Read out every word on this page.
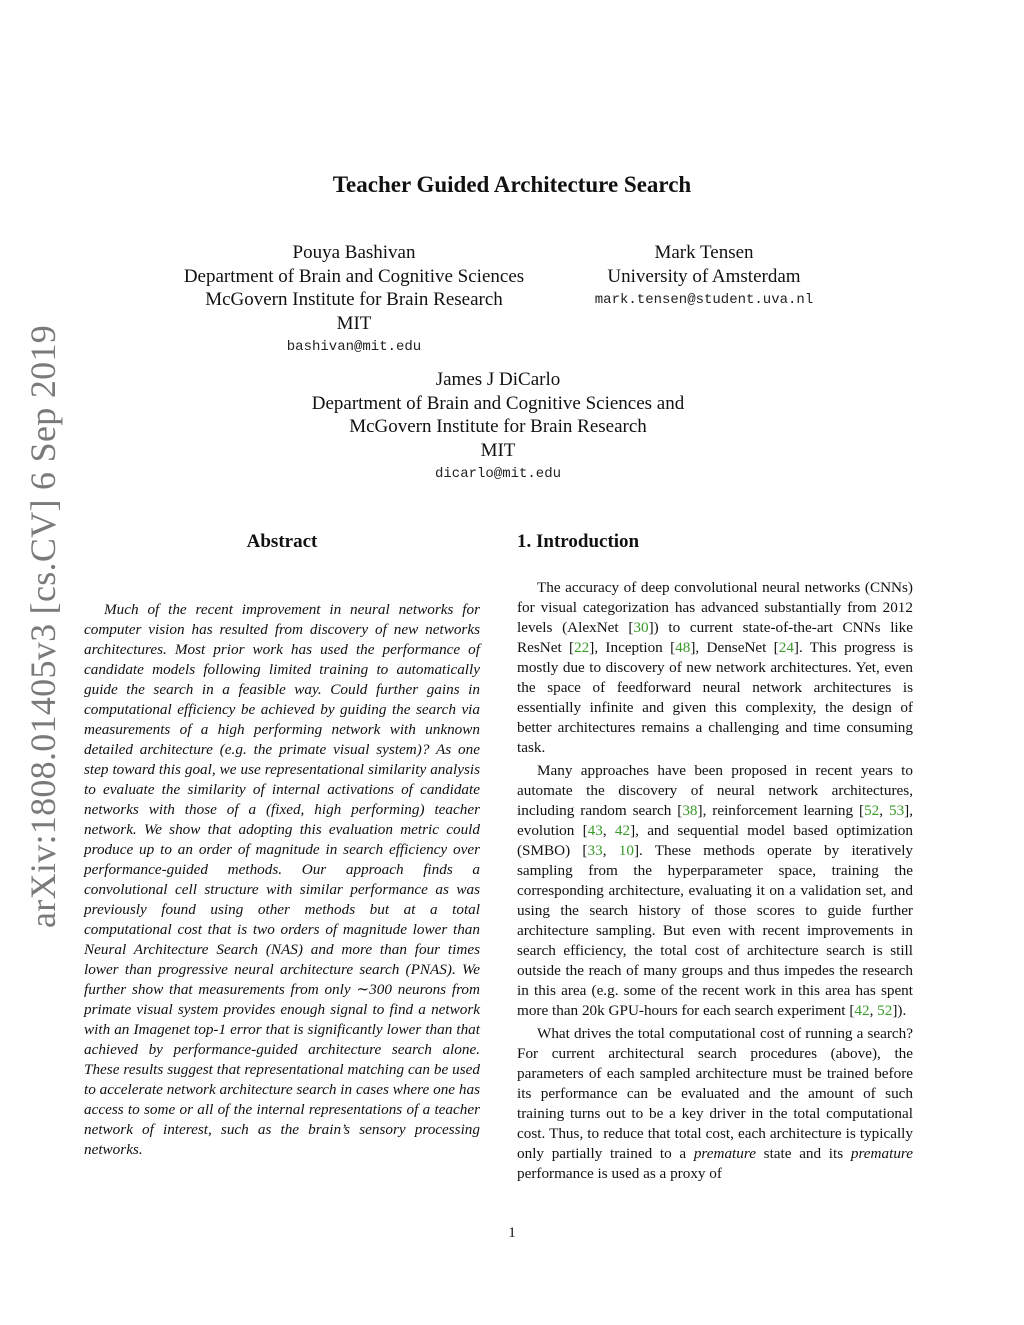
arXiv:1808.01405v3 [cs.CV] 6 Sep 2019
Teacher Guided Architecture Search
Pouya Bashivan
Department of Brain and Cognitive Sciences
McGovern Institute for Brain Research
MIT
bashivan@mit.edu
Mark Tensen
University of Amsterdam
mark.tensen@student.uva.nl
James J DiCarlo
Department of Brain and Cognitive Sciences and
McGovern Institute for Brain Research
MIT
dicarlo@mit.edu
Abstract

Much of the recent improvement in neural networks for computer vision has resulted from discovery of new networks architectures. Most prior work has used the performance of candidate models following limited training to automatically guide the search in a feasible way. Could further gains in computational efficiency be achieved by guiding the search via measurements of a high performing network with unknown detailed architecture (e.g. the primate visual system)? As one step toward this goal, we use representational similarity analysis to evaluate the similarity of internal activations of candidate networks with those of a (fixed, high performing) teacher network. We show that adopting this evaluation metric could produce up to an order of magnitude in search efficiency over performance-guided methods. Our approach finds a convolutional cell structure with similar performance as was previously found using other methods but at a total computational cost that is two orders of magnitude lower than Neural Architecture Search (NAS) and more than four times lower than progressive neural architecture search (PNAS). We further show that measurements from only ∼300 neurons from primate visual system provides enough signal to find a network with an Imagenet top-1 error that is significantly lower than that achieved by performance-guided architecture search alone. These results suggest that representational matching can be used to accelerate network architecture search in cases where one has access to some or all of the internal representations of a teacher network of interest, such as the brain’s sensory processing networks.

1. Introduction

The accuracy of deep convolutional neural networks (CNNs) for visual categorization has advanced substantially from 2012 levels (AlexNet [30]) to current state-of-the-art CNNs like ResNet [22], Inception [48], DenseNet [24]. This progress is mostly due to discovery of new network architectures. Yet, even the space of feedforward neural network architectures is essentially infinite and given this complexity, the design of better architectures remains a challenging and time consuming task.

Many approaches have been proposed in recent years to automate the discovery of neural network architectures, including random search [38], reinforcement learning [52, 53], evolution [43, 42], and sequential model based optimization (SMBO) [33, 10]. These methods operate by iteratively sampling from the hyperparameter space, training the corresponding architecture, evaluating it on a validation set, and using the search history of those scores to guide further architecture sampling. But even with recent improvements in search efficiency, the total cost of architecture search is still outside the reach of many groups and thus impedes the research in this area (e.g. some of the recent work in this area has spent more than 20k GPU-hours for each search experiment [42, 52]).

What drives the total computational cost of running a search? For current architectural search procedures (above), the parameters of each sampled architecture must be trained before its performance can be evaluated and the amount of such training turns out to be a key driver in the total computational cost. Thus, to reduce that total cost, each architecture is typically only partially trained to a premature state and its premature performance is used as a proxy of

1
